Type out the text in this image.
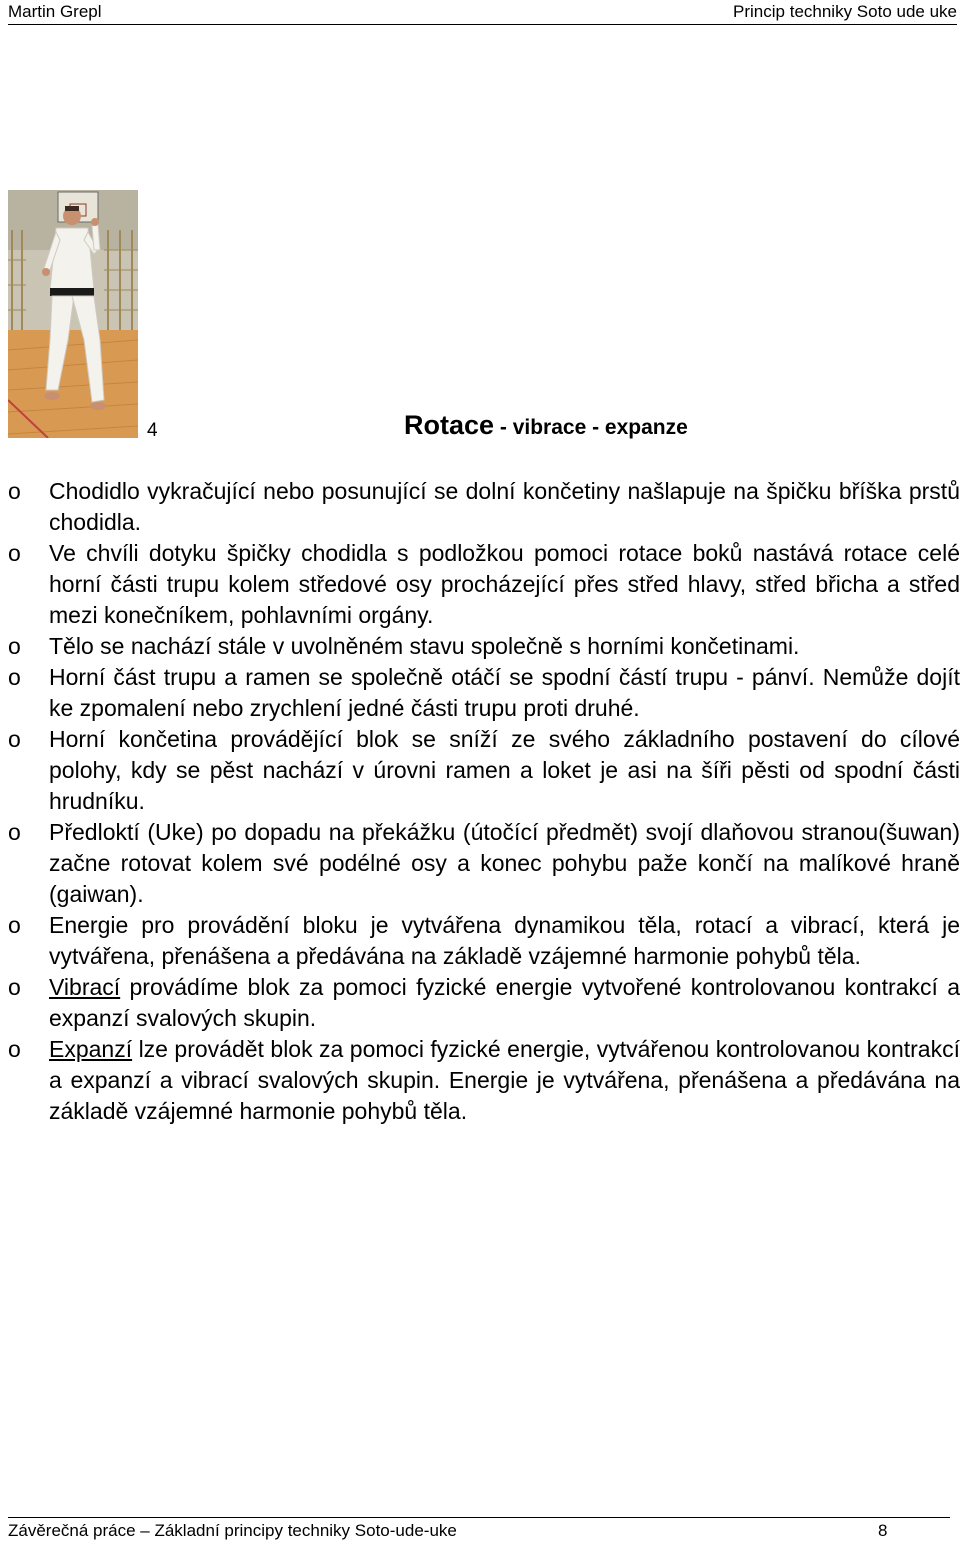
Martin Grepl	Princip techniky Soto ude uke
4	Rotace - vibrace - expanze
o Chodidlo vykračující nebo posunující se dolní končetiny našlapuje na špičku bříška prstů chodidla.
o Ve chvíli dotyku špičky chodidla s podložkou pomoci rotace boků nastává rotace celé horní části trupu kolem středové osy procházející přes střed hlavy, střed břicha a střed mezi konečníkem, pohlavními orgány.
o Tělo se nachází stále v uvolněném stavu společně s horními končetinami.
o Horní část trupu a ramen se společně otáčí se spodní částí trupu - pánví. Nemůže dojít ke zpomalení nebo zrychlení jedné části trupu proti druhé.
o Horní končetina provádějící blok se sníží ze svého základního postavení do cílové polohy, kdy se pěst nachází v úrovni ramen a loket je asi na šíři pěsti od spodní části hrudníku.
o Předloktí (Uke) po dopadu na překážku (útočící předmět) svojí dlaňovou stranou(šuwan) začne rotovat kolem své podélné osy a konec pohybu paže končí na malíkové hraně (gaiwan).
o Energie pro provádění bloku je vytvářena dynamikou těla, rotací a vibrací, která je vytvářena, přenášena a předávána na základě vzájemné harmonie pohybů těla.
o Vibrací provádíme blok za pomoci fyzické energie vytvořené kontrolovanou kontrakcí a expanzí svalových skupin.
o Expanzí lze provádět blok za pomoci fyzické energie, vytvářenou kontrolovanou kontrakcí a expanzí a vibrací svalových skupin. Energie je vytvářena, přenášena a předávána na základě vzájemné harmonie pohybů těla.
Závěrečná práce – Základní principy techniky Soto-ude-uke	8
